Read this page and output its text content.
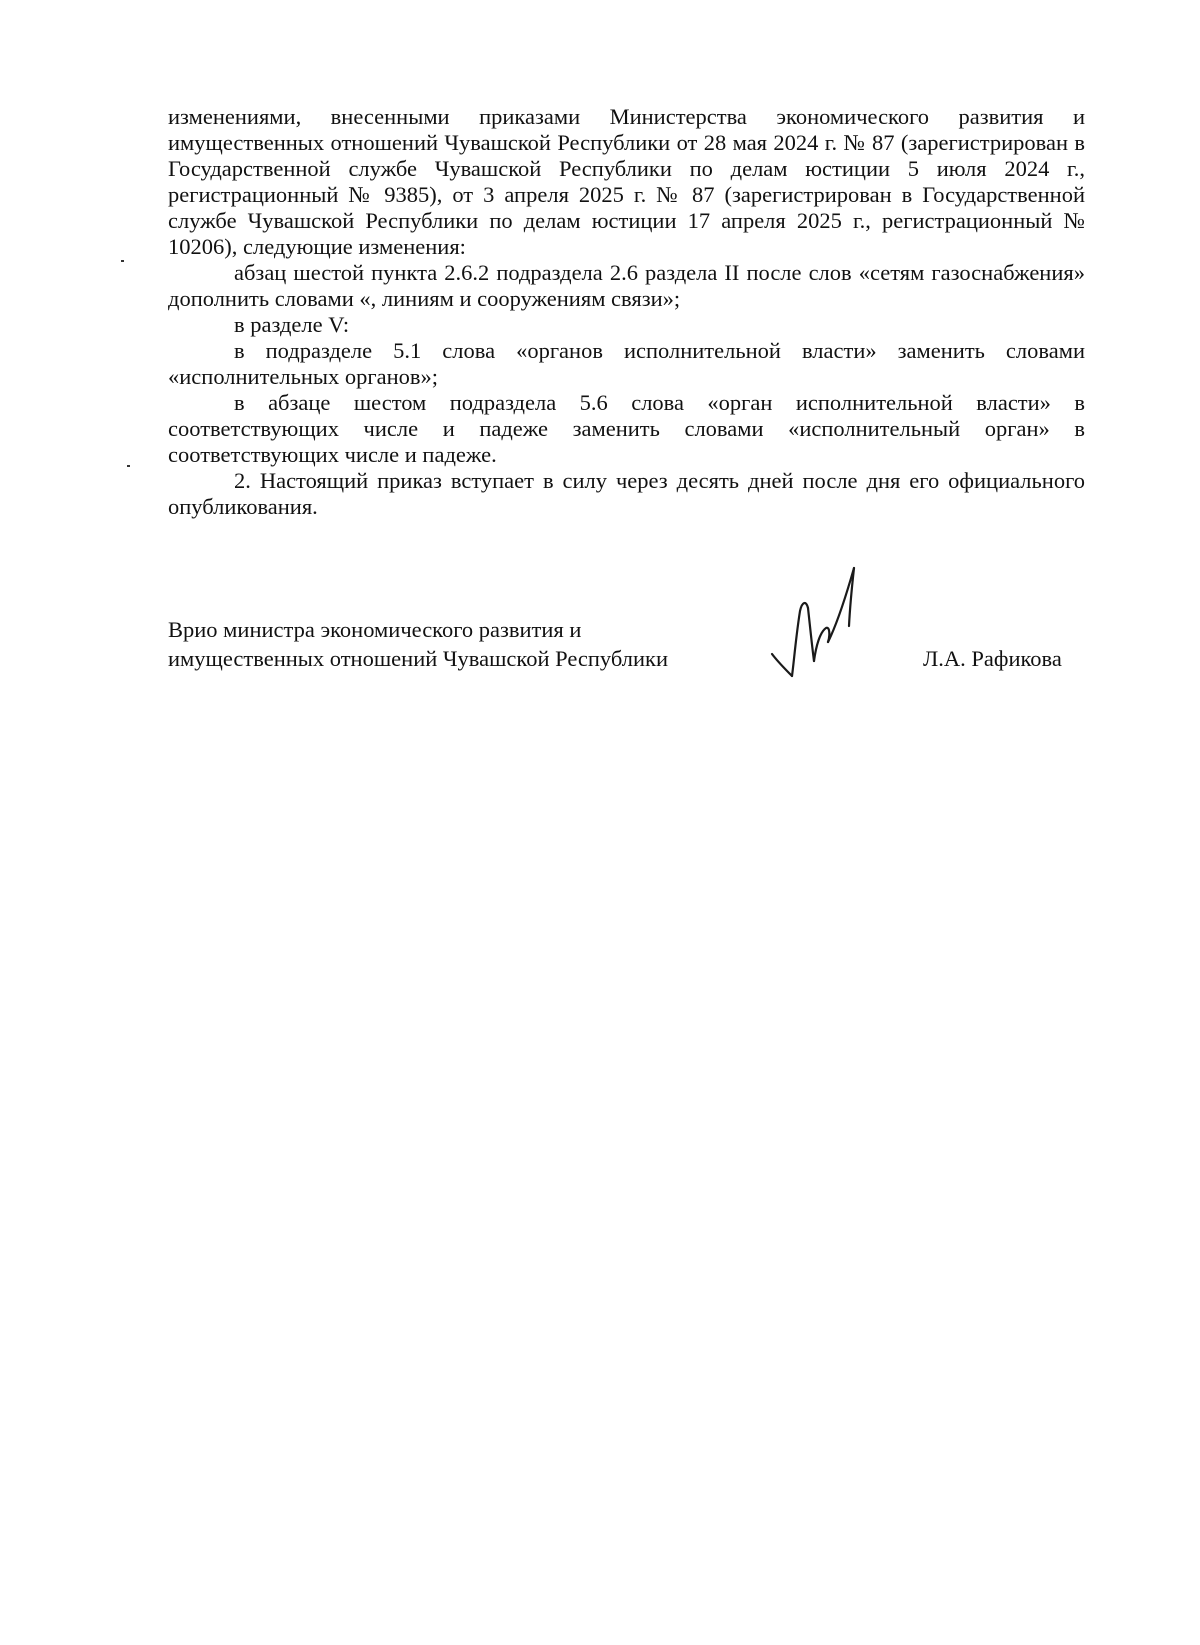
изменениями, внесенными приказами Министерства экономического развития и имущественных отношений Чувашской Республики от 28 мая 2024 г. № 87 (зарегистрирован в Государственной службе Чувашской Республики по делам юстиции 5 июля 2024 г., регистрационный № 9385), от 3 апреля 2025 г. № 87 (зарегистрирован в Государственной службе Чувашской Республики по делам юстиции 17 апреля 2025 г., регистрационный № 10206), следующие изменения:

абзац шестой пункта 2.6.2 подраздела 2.6 раздела II после слов «сетям газоснабжения» дополнить словами «, линиям и сооружениям связи»;

в разделе V:

в подразделе 5.1 слова «органов исполнительной власти» заменить словами «исполнительных органов»;

в абзаце шестом подраздела 5.6 слова «орган исполнительной власти» в соответствующих числе и падеже заменить словами «исполнительный орган» в соответствующих числе и падеже.

2. Настоящий приказ вступает в силу через десять дней после дня его официального опубликования.

Врио министра экономического развития и
имущественных отношений Чувашской Республики	Л.А. Рафикова
